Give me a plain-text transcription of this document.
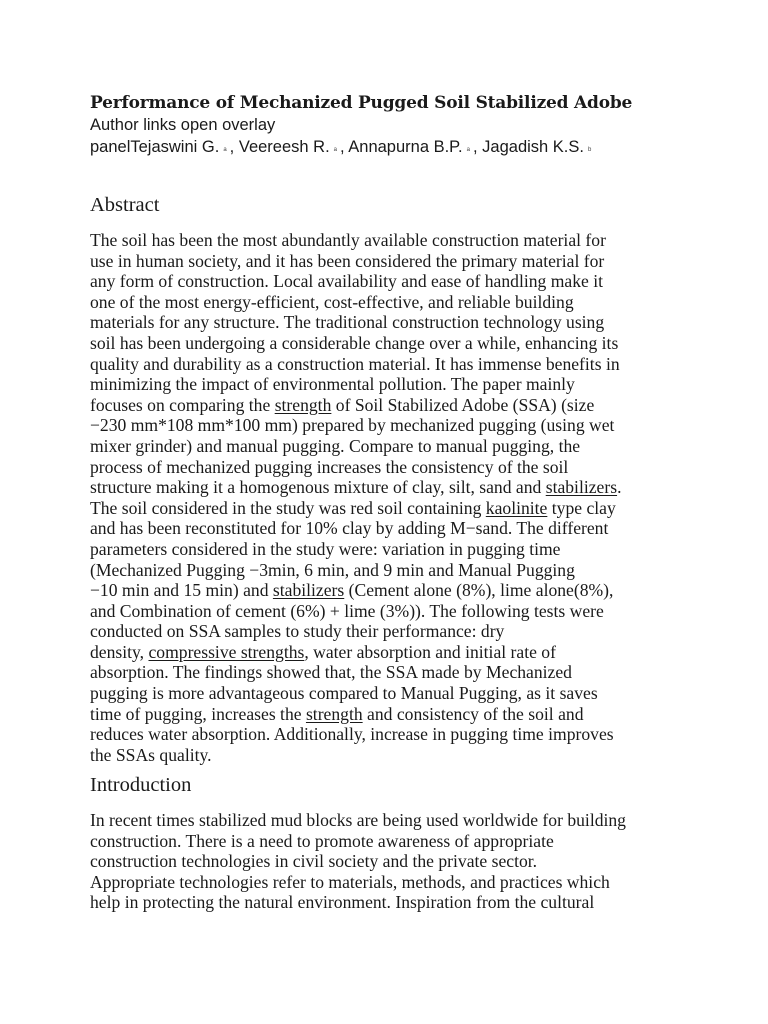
Performance of Mechanized Pugged Soil Stabilized Adobe
Author links open overlay
panelTejaswini G. $^a$ , Veereesh R. $^a$ , Annapurna B.P. $^a$ , Jagadish K.S. $^b$
Abstract
The soil has been the most abundantly available construction material for
use in human society, and it has been considered the primary material for
any form of construction. Local availability and ease of handling make it
one of the most energy-efficient, cost-effective, and reliable building
materials for any structure. The traditional construction technology using
soil has been undergoing a considerable change over a while, enhancing its
quality and durability as a construction material. It has immense benefits in
minimizing the impact of environmental pollution. The paper mainly
focuses on comparing the strength of Soil Stabilized Adobe (SSA) (size
−230 mm*108 mm*100 mm) prepared by mechanized pugging (using wet
mixer grinder) and manual pugging. Compare to manual pugging, the
process of mechanized pugging increases the consistency of the soil
structure making it a homogenous mixture of clay, silt, sand and stabilizers.
The soil considered in the study was red soil containing kaolinite type clay
and has been reconstituted for 10% clay by adding M−sand. The different
parameters considered in the study were: variation in pugging time
(Mechanized Pugging −3min, 6 min, and 9 min and Manual Pugging
−10 min and 15 min) and stabilizers (Cement alone (8%), lime alone(8%),
and Combination of cement (6%) + lime (3%)). The following tests were
conducted on SSA samples to study their performance: dry
density, compressive strengths, water absorption and initial rate of
absorption. The findings showed that, the SSA made by Mechanized
pugging is more advantageous compared to Manual Pugging, as it saves
time of pugging, increases the strength and consistency of the soil and
reduces water absorption. Additionally, increase in pugging time improves
the SSAs quality.
Introduction
In recent times stabilized mud blocks are being used worldwide for building
construction. There is a need to promote awareness of appropriate
construction technologies in civil society and the private sector.
Appropriate technologies refer to materials, methods, and practices which
help in protecting the natural environment. Inspiration from the cultural
